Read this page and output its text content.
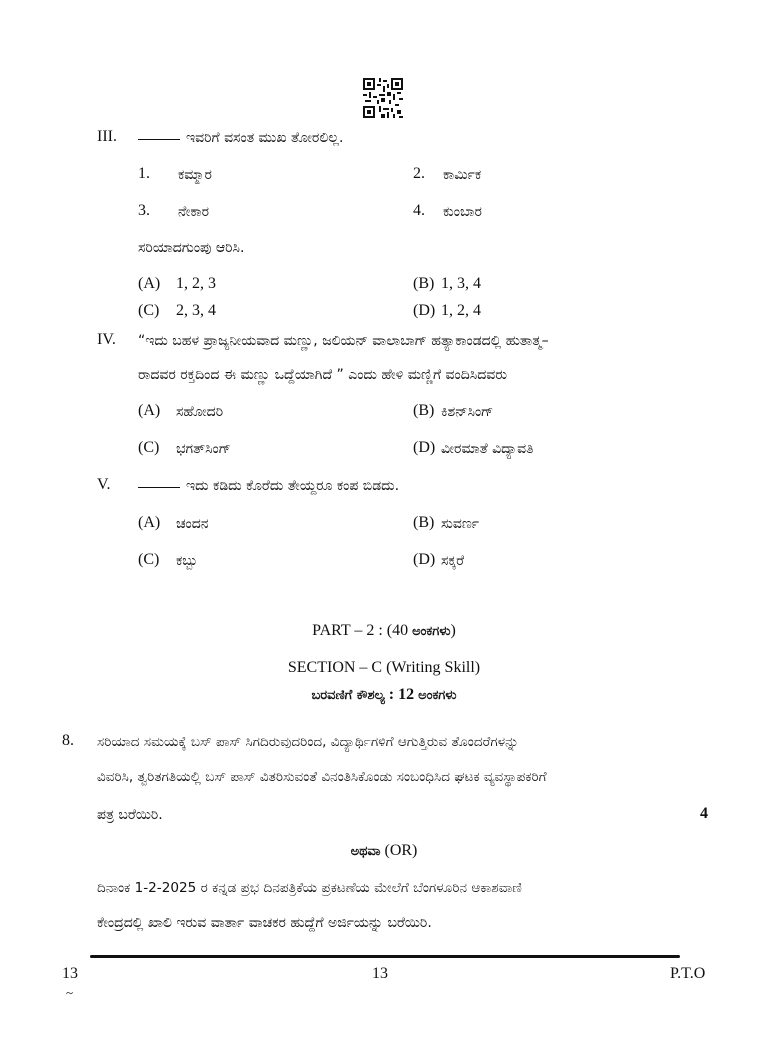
III.	ಇವರಿಗೆ ವಸಂತ ಮುಖ ತೋರಲಿಲ್ಲ.
1. ಕಮ್ಮಾರ	2. ಕಾರ್ಮಿಕ
3. ನೇಕಾರ	4. ಕುಂಬಾರ
ಸರಿಯಾದಗುಂಪು ಆರಿಸಿ.
(A) 1, 2, 3	(B) 1, 3, 4
(C) 2, 3, 4	(D) 1, 2, 4
IV. “ಇದು ಬಹಳ ಪ್ರಾಜ್ಯನೀಯವಾದ ಮಣ್ಣು, ಜಲಿಯನ್ ವಾಲಾಬಾಗ್ ಹತ್ಯಾಕಾಂಡದಲ್ಲಿ ಹುತಾತ್ಮ–
ರಾದವರ ರಕ್ತದಿಂದ ಈ ಮಣ್ಣು ಒದ್ದೆಯಾಗಿದೆ ” ಎಂದು ಹೇಳಿ ಮಣ್ಣಿಗೆ ವಂದಿಸಿದವರು
(A) ಸಹೋದರಿ	(B) ಕಿಶನ್‌ಸಿಂಗ್
(C) ಭಗತ್‌ಸಿಂಗ್	(D) ವೀರಮಾತೆ ವಿದ್ಯಾವತಿ
V.	ಇದು ಕಡಿದು ಕೊರೆದು ತೇಯ್ದರೂ ಕಂಪ ಬಿಡದು.
(A) ಚಂದನ	(B) ಸುವರ್ಣ
(C) ಕಬ್ಬು	(D) ಸಕ್ಕರೆ
PART – 2 : (40 ಅಂಕಗಳು)
SECTION – C (Writing Skill)
ಬರವಣಿಗೆ ಕೌಶಲ್ಯ : 12 ಅಂಕಗಳು
8. ಸರಿಯಾದ ಸಮಯಕ್ಕೆ ಬಸ್ ಪಾಸ್ ಸಿಗದಿರುವುದರಿಂದ, ವಿದ್ಯಾರ್ಥಿಗಳಿಗೆ ಆಗುತ್ತಿರುವ ತೊಂದರೆಗಳನ್ನು
ವಿವರಿಸಿ, ತ್ವರಿತಗತಿಯಲ್ಲಿ ಬಸ್ ಪಾಸ್ ವಿತರಿಸುವಂತೆ ವಿನಂತಿಸಿಕೊಂಡು ಸಂಬಂಧಿಸಿದ ಘಟಕ ವ್ಯವಸ್ಥಾಪಕರಿಗೆ
ಪತ್ರ ಬರೆಯಿರಿ.	4
ಅಥವಾ (OR)
ದಿನಾಂಕ 1-2-2025 ರ ಕನ್ನಡ ಪ್ರಭ ದಿನಪತ್ರಿಕೆಯ ಪ್ರಕಟಣೆಯ ಮೇಲೆಗೆ ಬೆಂಗಳೂರಿನ ಆಕಾಶವಾಣಿ
ಕೇಂದ್ರದಲ್ಲಿ ಖಾಲಿ ಇರುವ ವಾರ್ತಾ ವಾಚಕರ ಹುದ್ದೆಗೆ ಅರ್ಜಿಯನ್ನು ಬರೆಯಿರಿ.
13	13	P.T.O
~
